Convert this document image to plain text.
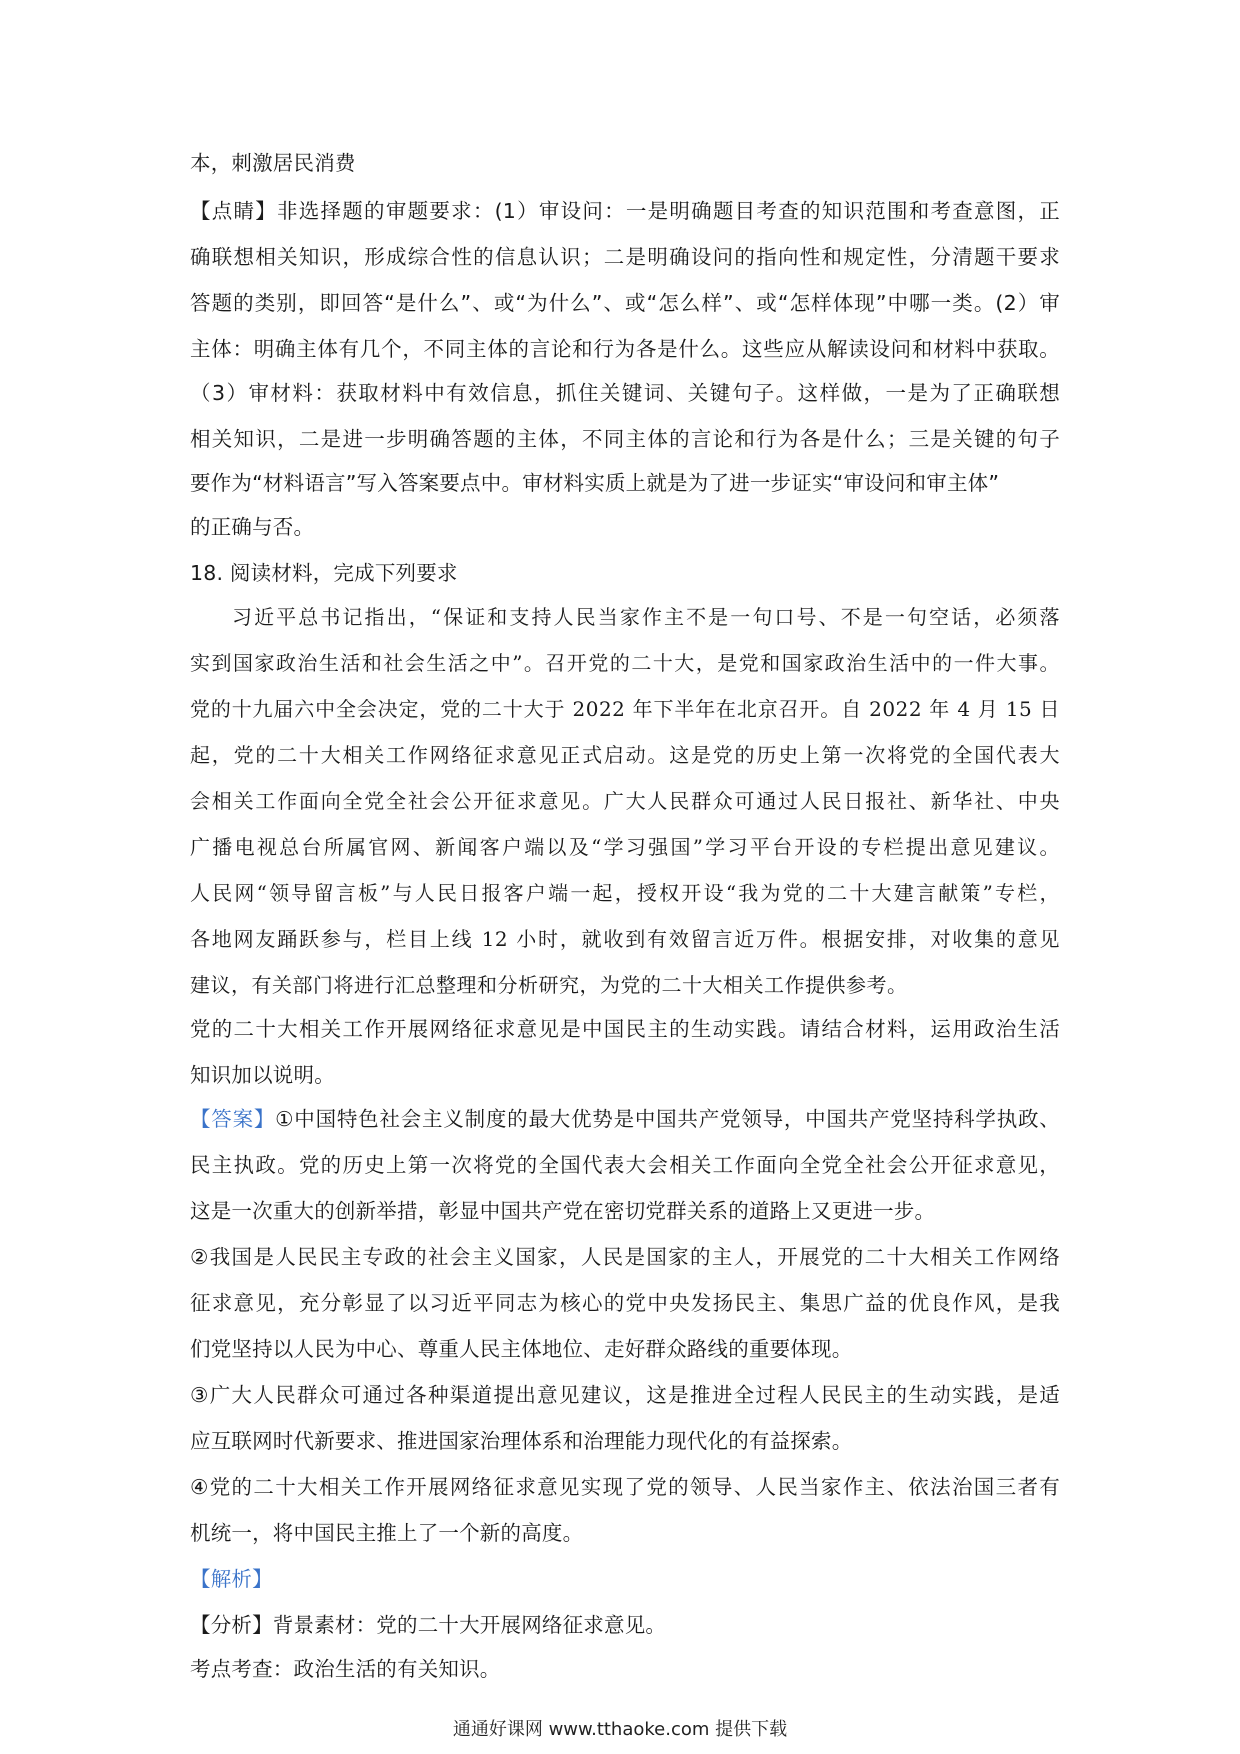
本，刺激居民消费
【点睛】非选择题的审题要求：(1）审设问：一是明确题目考查的知识范围和考查意图，正
确联想相关知识，形成综合性的信息认识；二是明确设问的指向性和规定性，分清题干要求
答题的类别，即回答“是什么”、或“为什么”、或“怎么样”、或“怎样体现”中哪一类。(2）审
主体：明确主体有几个，不同主体的言论和行为各是什么。这些应从解读设问和材料中获取。
（3）审材料：获取材料中有效信息，抓住关键词、关键句子。这样做，一是为了正确联想
相关知识，二是进一步明确答题的主体，不同主体的言论和行为各是什么；三是关键的句子
要作为“材料语言”写入答案要点中。审材料实质上就是为了进一步证实“审设问和审主体”
的正确与否。
18. 阅读材料，完成下列要求
习近平总书记指出，“保证和支持人民当家作主不是一句口号、不是一句空话，必须落
实到国家政治生活和社会生活之中”。召开党的二十大，是党和国家政治生活中的一件大事。
党的十九届六中全会决定，党的二十大于 2022 年下半年在北京召开。自 2022 年 4 月 15 日
起，党的二十大相关工作网络征求意见正式启动。这是党的历史上第一次将党的全国代表大
会相关工作面向全党全社会公开征求意见。广大人民群众可通过人民日报社、新华社、中央
广播电视总台所属官网、新闻客户端以及“学习强国”学习平台开设的专栏提出意见建议。
人民网“领导留言板”与人民日报客户端一起，授权开设“我为党的二十大建言献策”专栏，
各地网友踊跃参与，栏目上线 12 小时，就收到有效留言近万件。根据安排，对收集的意见
建议，有关部门将进行汇总整理和分析研究，为党的二十大相关工作提供参考。
党的二十大相关工作开展网络征求意见是中国民主的生动实践。请结合材料，运用政治生活
知识加以说明。
【答案】①中国特色社会主义制度的最大优势是中国共产党领导，中国共产党坚持科学执政、
民主执政。党的历史上第一次将党的全国代表大会相关工作面向全党全社会公开征求意见，
这是一次重大的创新举措，彰显中国共产党在密切党群关系的道路上又更进一步。
②我国是人民民主专政的社会主义国家，人民是国家的主人，开展党的二十大相关工作网络
征求意见，充分彰显了以习近平同志为核心的党中央发扬民主、集思广益的优良作风，是我
们党坚持以人民为中心、尊重人民主体地位、走好群众路线的重要体现。
③广大人民群众可通过各种渠道提出意见建议，这是推进全过程人民民主的生动实践，是适
应互联网时代新要求、推进国家治理体系和治理能力现代化的有益探索。
④党的二十大相关工作开展网络征求意见实现了党的领导、人民当家作主、依法治国三者有
机统一，将中国民主推上了一个新的高度。
【解析】
【分析】背景素材：党的二十大开展网络征求意见。
考点考查：政治生活的有关知识。
通通好课网 www.tthaoke.com 提供下载
